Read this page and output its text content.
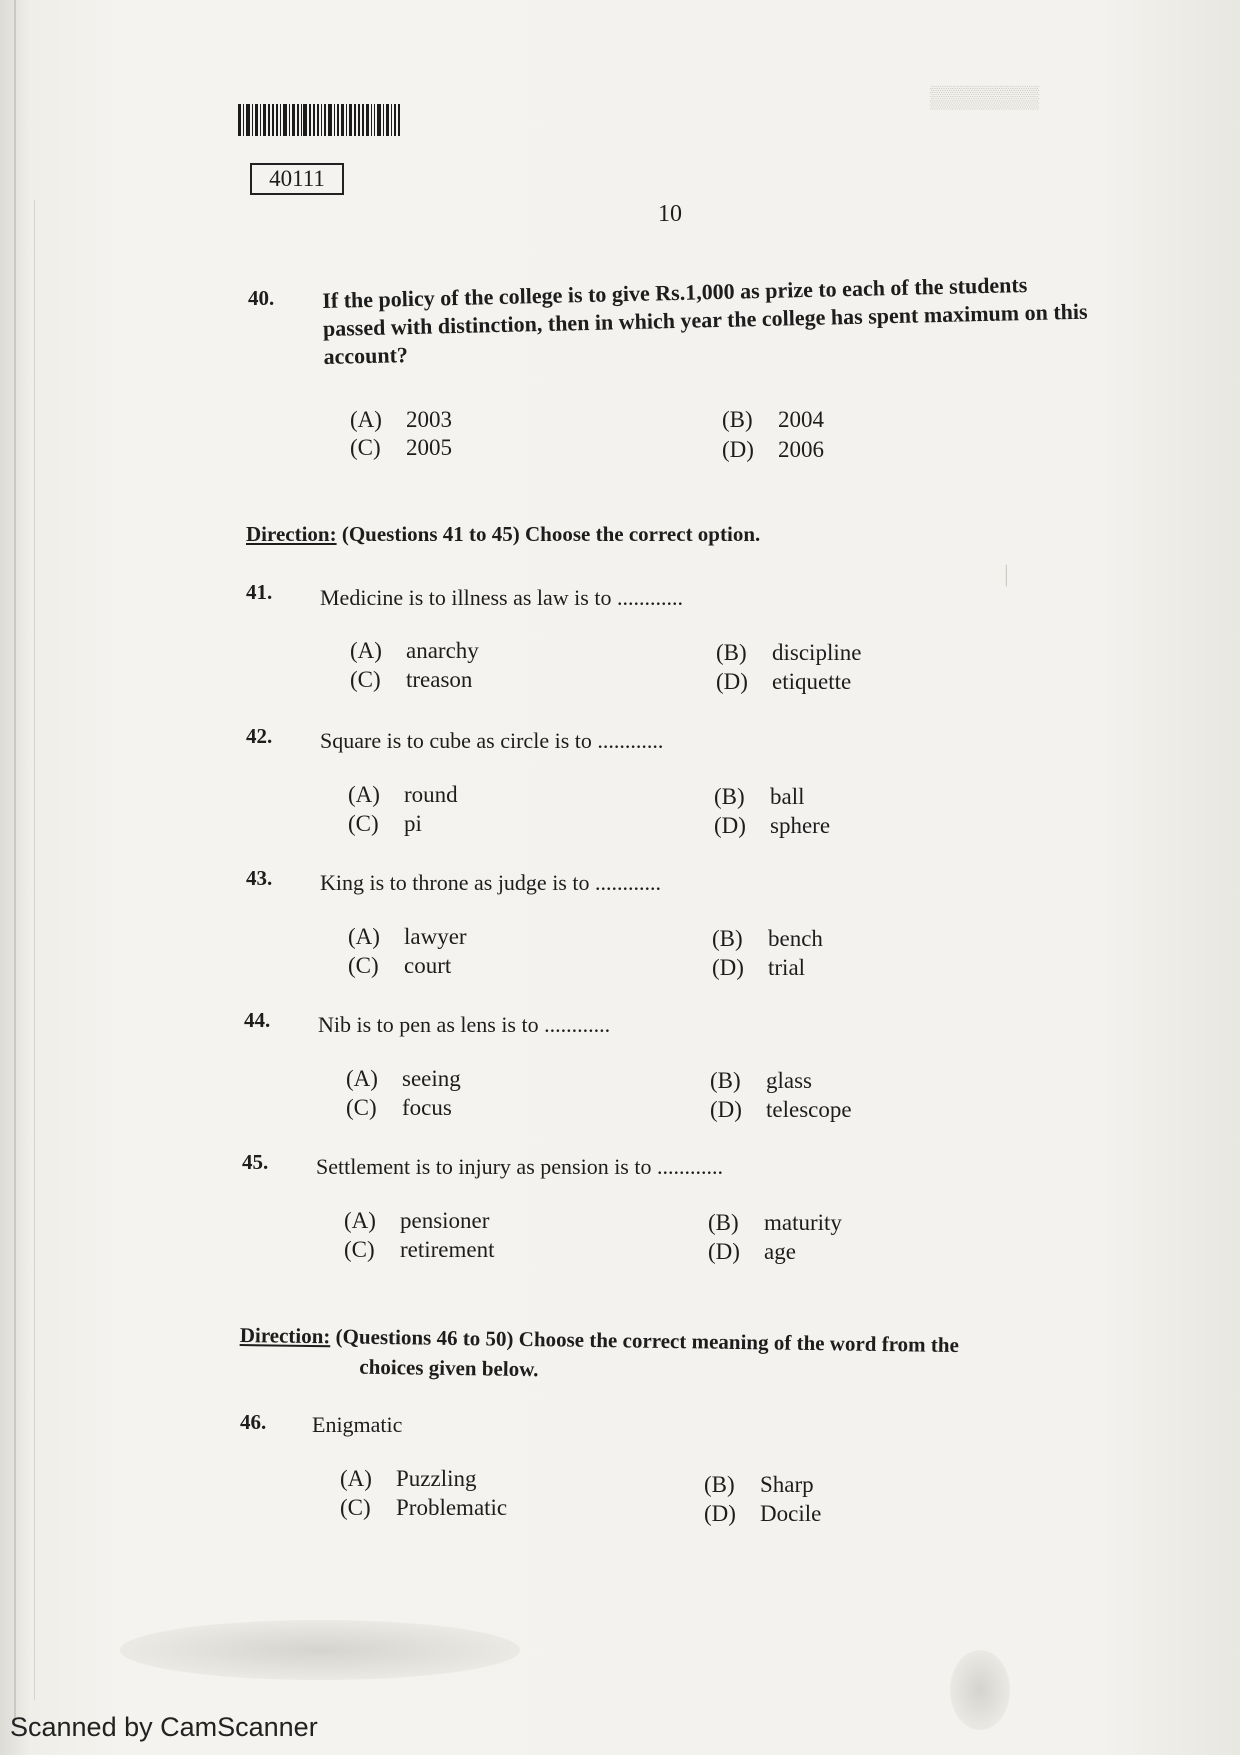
▒▒▒▒▒▒▒
│
40111
10
40. If the policy of the college is to give Rs.1,000 as prize to each of the students passed with distinction, then in which year the college has spent maximum on this account?
(A) 2003	(B) 2004
(C) 2005	(D) 2006
Direction: (Questions 41 to 45) Choose the correct option.
41. Medicine is to illness as law is to ............
(A) anarchy	(B) discipline
(C) treason	(D) etiquette
42. Square is to cube as circle is to ............
(A) round	(B) ball
(C) pi	(D) sphere
43. King is to throne as judge is to ............
(A) lawyer	(B) bench
(C) court	(D) trial
44. Nib is to pen as lens is to ............
(A) seeing	(B) glass
(C) focus	(D) telescope
45. Settlement is to injury as pension is to ............
(A) pensioner	(B) maturity
(C) retirement	(D) age
Direction: (Questions 46 to 50) Choose the correct meaning of the word from the
choices given below.
46. Enigmatic
(A) Puzzling	(B) Sharp
(C) Problematic	(D) Docile
Scanned by CamScanner
